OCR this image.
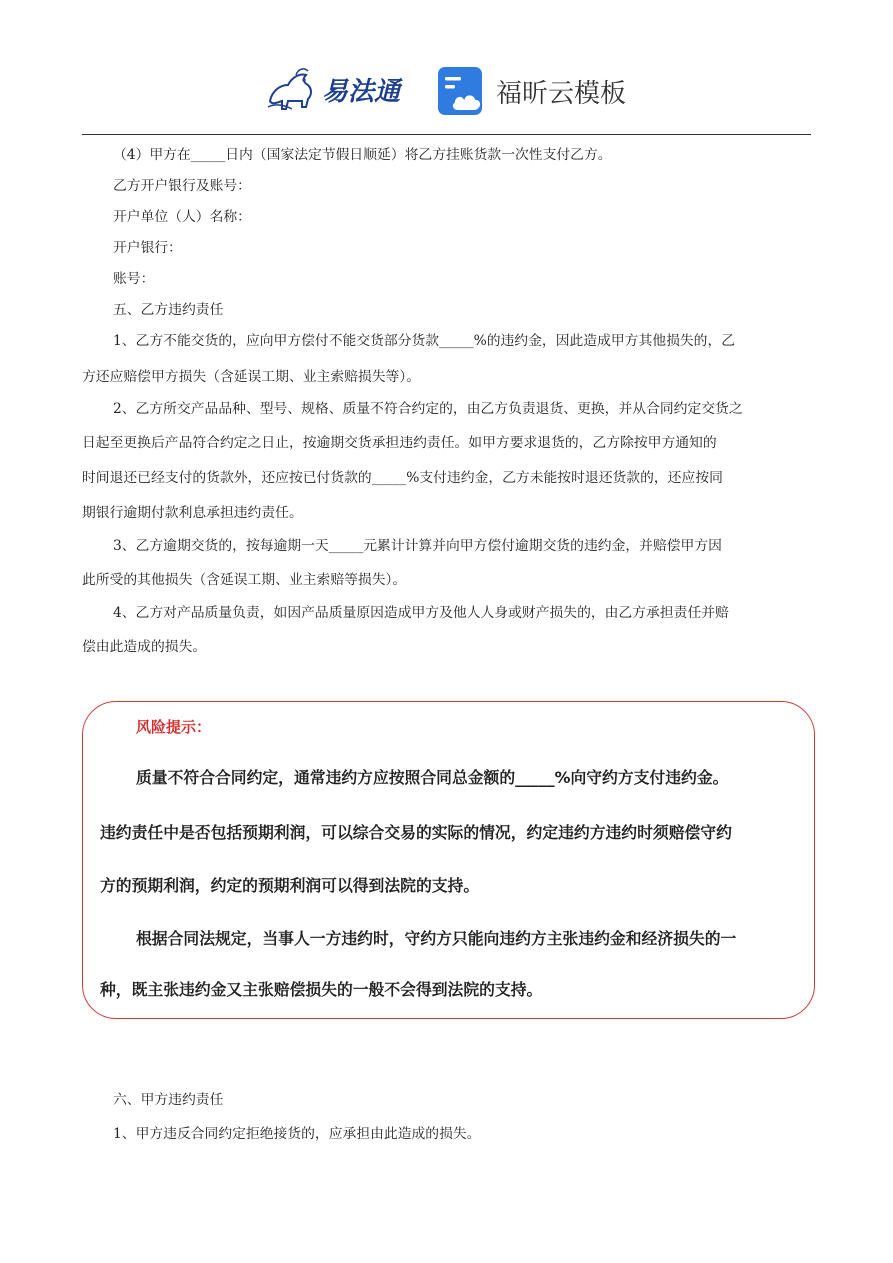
易法通	福昕云模板
（4）甲方在_____日内（国家法定节假日顺延）将乙方挂账货款一次性支付乙方。
乙方开户银行及账号：
开户单位（人）名称：
开户银行：
账号：
五、乙方违约责任
1、乙方不能交货的，应向甲方偿付不能交货部分货款_____%的违约金，因此造成甲方其他损失的，乙
方还应赔偿甲方损失（含延误工期、业主索赔损失等）。
2、乙方所交产品品种、型号、规格、质量不符合约定的，由乙方负责退货、更换，并从合同约定交货之
日起至更换后产品符合约定之日止，按逾期交货承担违约责任。如甲方要求退货的，乙方除按甲方通知的
时间退还已经支付的货款外，还应按已付货款的_____%支付违约金，乙方未能按时退还货款的，还应按同
期银行逾期付款利息承担违约责任。
3、乙方逾期交货的，按每逾期一天_____元累计计算并向甲方偿付逾期交货的违约金，并赔偿甲方因
此所受的其他损失（含延误工期、业主索赔等损失）。
4、乙方对产品质量负责，如因产品质量原因造成甲方及他人人身或财产损失的，由乙方承担责任并赔
偿由此造成的损失。
风险提示：
质量不符合合同约定，通常违约方应按照合同总金额的_____%向守约方支付违约金。
违约责任中是否包括预期利润，可以综合交易的实际的情况，约定违约方违约时须赔偿守约
方的预期利润，约定的预期利润可以得到法院的支持。
根据合同法规定，当事人一方违约时，守约方只能向违约方主张违约金和经济损失的一
种，既主张违约金又主张赔偿损失的一般不会得到法院的支持。
六、甲方违约责任
1、甲方违反合同约定拒绝接货的，应承担由此造成的损失。
